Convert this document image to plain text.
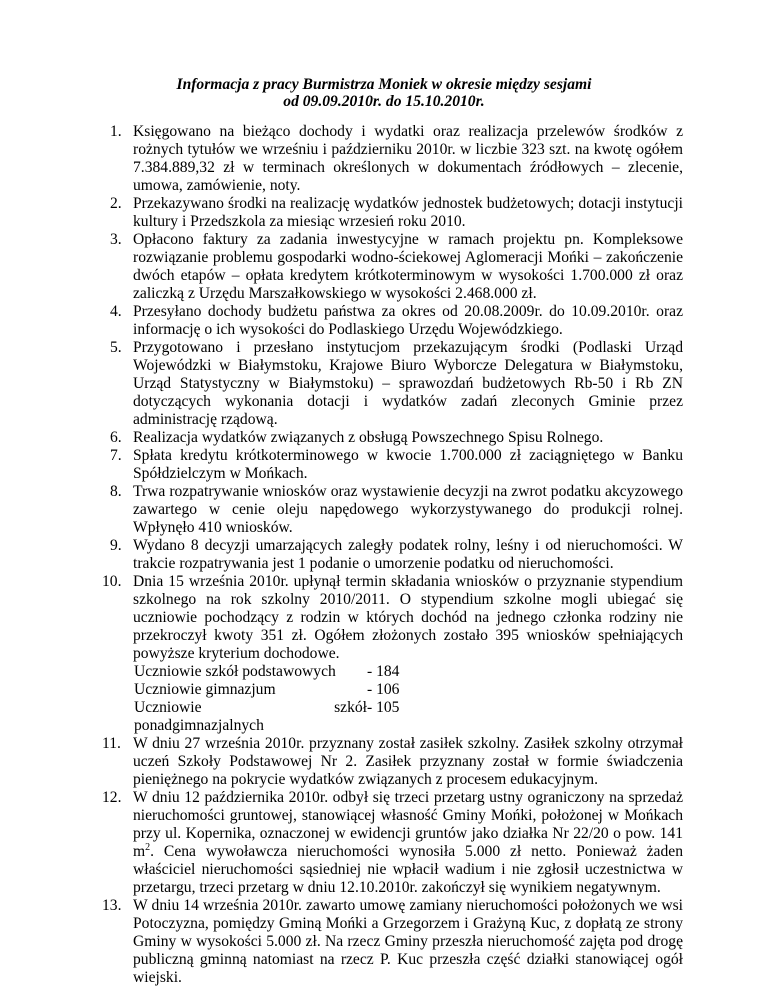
Informacja z pracy Burmistrza Moniek w okresie między sesjami
od 09.09.2010r. do 15.10.2010r.
1. Księgowano na bieżąco dochody i wydatki oraz realizacja przelewów środków z rożnych tytułów we wrześniu i październiku 2010r. w liczbie 323 szt. na kwotę ogółem 7.384.889,32 zł w terminach określonych w dokumentach źródłowych – zlecenie, umowa, zamówienie, noty.
2. Przekazywano środki na realizację wydatków jednostek budżetowych; dotacji instytucji kultury i Przedszkola za miesiąc wrzesień roku 2010.
3. Opłacono faktury za zadania inwestycyjne w ramach projektu pn. Kompleksowe rozwiązanie problemu gospodarki wodno-ściekowej Aglomeracji Mońki – zakończenie dwóch etapów – opłata kredytem krótkoterminowym w wysokości 1.700.000 zł oraz zaliczką z Urzędu Marszałkowskiego w wysokości 2.468.000 zł.
4. Przesyłano dochody budżetu państwa za okres od 20.08.2009r. do 10.09.2010r. oraz informację o ich wysokości do Podlaskiego Urzędu Wojewódzkiego.
5. Przygotowano i przesłano instytucjom przekazującym środki (Podlaski Urząd Wojewódzki w Białymstoku, Krajowe Biuro Wyborcze Delegatura w Białymstoku, Urząd Statystyczny w Białymstoku) – sprawozdań budżetowych Rb-50 i Rb ZN dotyczących wykonania dotacji i wydatków zadań zleconych Gminie przez administrację rządową.
6. Realizacja wydatków związanych z obsługą Powszechnego Spisu Rolnego.
7. Spłata kredytu krótkoterminowego w kwocie 1.700.000 zł zaciągniętego w Banku Spółdzielczym w Mońkach.
8. Trwa rozpatrywanie wniosków oraz wystawienie decyzji na zwrot podatku akcyzowego zawartego w cenie oleju napędowego wykorzystywanego do produkcji rolnej. Wpłynęło 410 wniosków.
9. Wydano 8 decyzji umarzających zaległy podatek rolny, leśny i od nieruchomości. W trakcie rozpatrywania jest 1 podanie o umorzenie podatku od nieruchomości.
10. Dnia 15 września 2010r. upłynął termin składania wniosków o przyznanie stypendium szkolnego na rok szkolny 2010/2011. O stypendium szkolne mogli ubiegać się uczniowie pochodzący z rodzin w których dochód na jednego członka rodziny nie przekroczył kwoty 351 zł. Ogółem złożonych zostało 395 wniosków spełniających powyższe kryterium dochodowe.
Uczniowie szkół podstawowych	- 184
Uczniowie gimnazjum	- 106
Uczniowie szkół ponadgimnazjalnych
- 105
11. W dniu 27 września 2010r. przyznany został zasiłek szkolny. Zasiłek szkolny otrzymał uczeń Szkoły Podstawowej Nr 2. Zasiłek przyznany został w formie świadczenia pieniężnego na pokrycie wydatków związanych z procesem edukacyjnym.
12. W dniu 12 października 2010r. odbył się trzeci przetarg ustny ograniczony na sprzedaż nieruchomości gruntowej, stanowiącej własność Gminy Mońki, położonej w Mońkach przy ul. Kopernika, oznaczonej w ewidencji gruntów jako działka Nr 22/20 o pow. 141 $m^2$. Cena wywoławcza nieruchomości wynosiła 5.000 zł netto. Ponieważ żaden właściciel nieruchomości sąsiedniej nie wpłacił wadium i nie zgłosił uczestnictwa w przetargu, trzeci przetarg w dniu 12.10.2010r. zakończył się wynikiem negatywnym.
13. W dniu 14 września 2010r. zawarto umowę zamiany nieruchomości położonych we wsi Potoczyzna, pomiędzy Gminą Mońki a Grzegorzem i Grażyną Kuc, z dopłatą ze strony Gminy w wysokości 5.000 zł. Na rzecz Gminy przeszła nieruchomość zajęta pod drogę publiczną gminną natomiast na rzecz P. Kuc przeszła część działki stanowiącej ogół wiejski.
